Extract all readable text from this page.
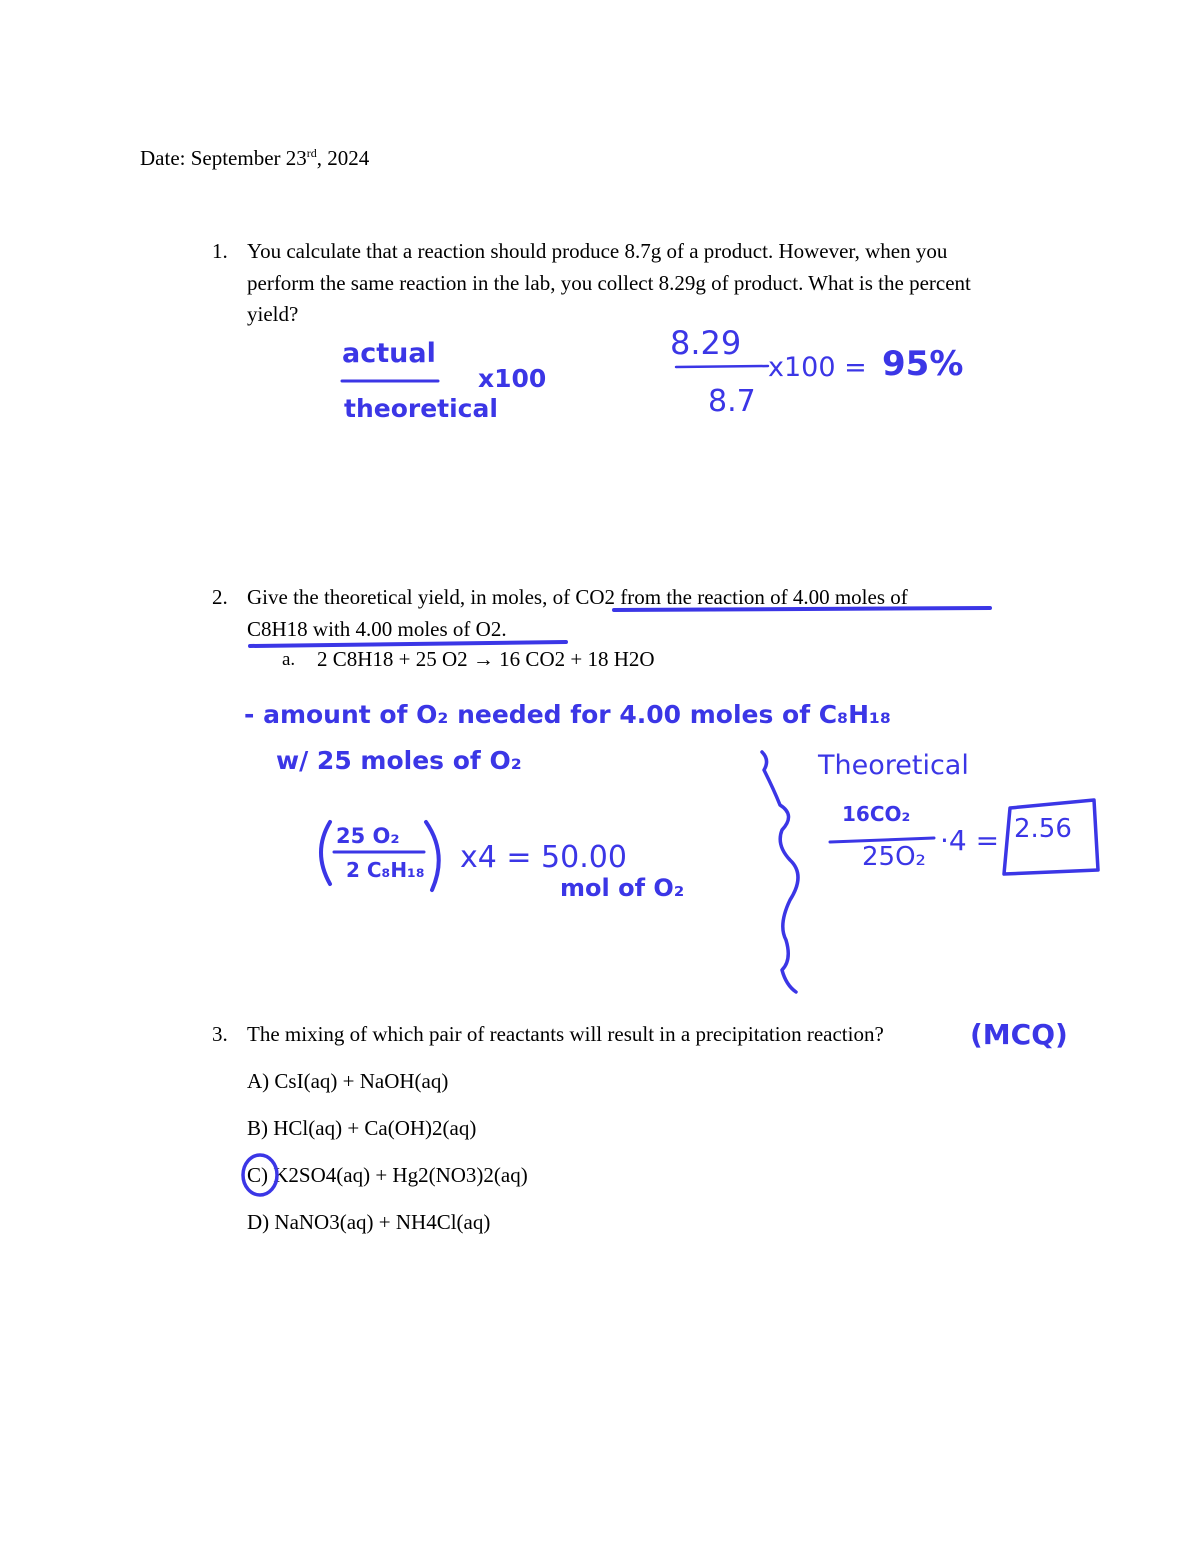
Date: September 23rd, 2024
1. You calculate that a reaction should produce 8.7g of a product. However, when you
perform the same reaction in the lab, you collect 8.29g of product. What is the percent
yield?
actual
theoretical
x100
8.29
8.7
x100 = 95%
2. Give the theoretical yield, in moles, of CO2 from the reaction of 4.00 moles of
C8H18 with 4.00 moles of O2.
a. 2 C8H18 + 25 O2 → 16 CO2 + 18 H2O
- amount of O₂ needed for 4.00 moles of C₈H₁₈
w/ 25 moles of O₂
25 O₂
2 C₈H₁₈ x4 = 50.00
mol of O₂
Theoretical
16CO₂
25O₂ ·4 = 2.56
3. The mixing of which pair of reactants will result in a precipitation reaction?	(MCQ)
A) CsI(aq) + NaOH(aq)
B) HCl(aq) + Ca(OH)2(aq)
C) K2SO4(aq) + Hg2(NO3)2(aq)
D) NaNO3(aq) + NH4Cl(aq)
